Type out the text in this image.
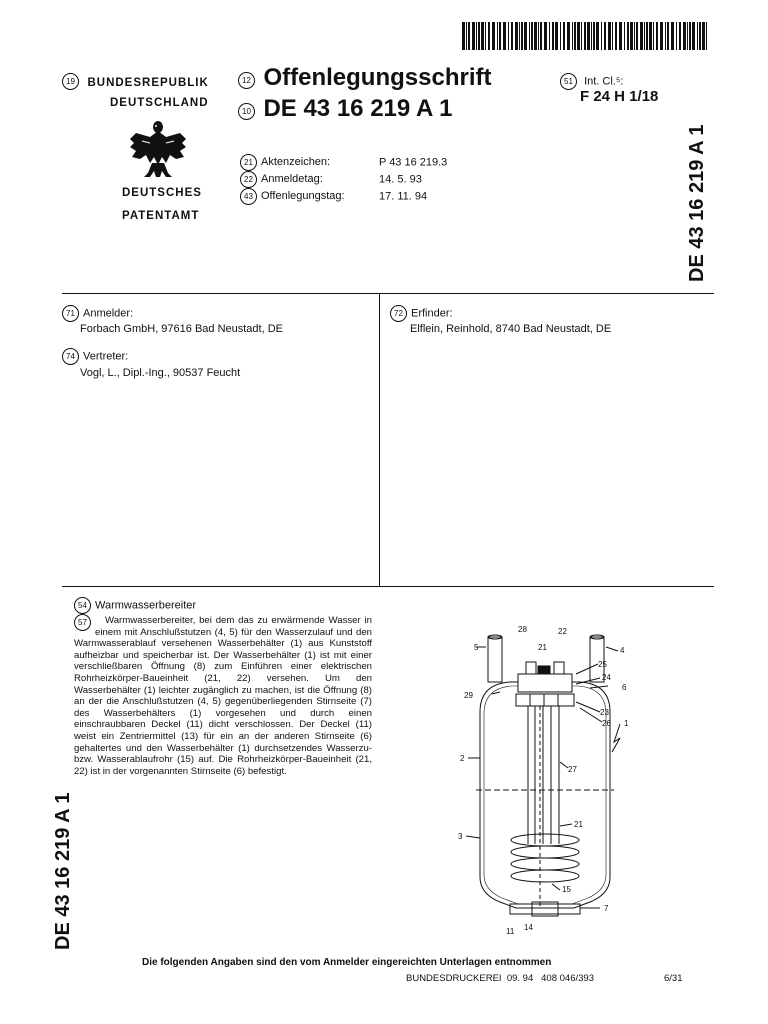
19 BUNDESREPUBLIK
DEUTSCHLAND
DEUTSCHES
PATENTAMT
12 Offenlegungsschrift
10 DE 43 16 219 A 1
51 Int. Cl.⁵:
F 24 H 1/18
DE 43 16 219 A 1
21 Aktenzeichen:	P 43 16 219.3
22 Anmeldetag:	14. 5. 93
43 Offenlegungstag:	17. 11. 94
71 Anmelder:
Forbach GmbH, 97616 Bad Neustadt, DE
74 Vertreter:
Vogl, L., Dipl.-Ing., 90537 Feucht
72 Erfinder:
Elflein, Reinhold, 8740 Bad Neustadt, DE
54 Warmwasserbereiter
57	Warmwasserbereiter, bei dem das zu erwärmende Wasser in einem mit Anschlußstutzen (4, 5) für den Wasserzulauf und den Warmwasserablauf versehenen Wasserbehälter (1) aus Kunststoff aufheizbar und speicherbar ist. Der Wasserbehälter (1) ist mit einer verschließbaren Öffnung (8) zum Einführen einer elektrischen Rohrheizkörper-Baueinheit (21, 22) versehen. Um den Wasserbehälter (1) leichter zugänglich zu machen, ist die Öffnung (8) an der die Anschlußstutzen (4, 5) gegenüberliegenden Stirnseite (7) des Wasserbehälters (1) vorgesehen und durch einen einschraubbaren Deckel (11) dicht verschlossen. Der Deckel (11) weist ein Zentriermittel (13) für ein an der anderen Stirnseite (6) gehaltertes und den Wasserbehälter (1) durchsetzendes Wasserzu- bzw. Wasserablaufrohr (15) auf. Die Rohrheizkörper-Baueinheit (21, 22) ist in der vorgenannten Stirnseite (6) befestigt.
DE 43 16 219 A 1
28	22
21
5	4
25
24
6
29
23
26 1
2
27
21
3
15
7
11 14
Die folgenden Angaben sind den vom Anmelder eingereichten Unterlagen entnommen
BUNDESDRUCKEREI  09. 94   408 046/393	6/31
